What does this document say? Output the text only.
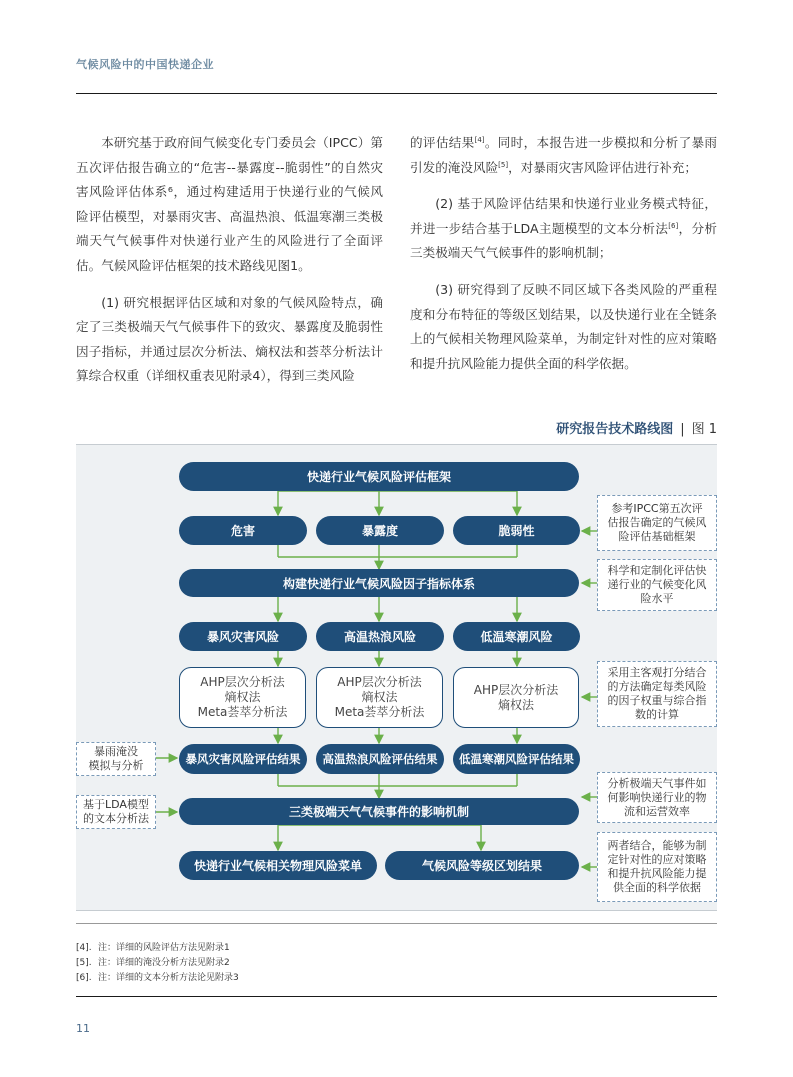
气候风险中的中国快递企业

本研究基于政府间气候变化专门委员会（IPCC）第五次评估报告确立的“危害--暴露度--脆弱性”的自然灾害风险评估体系⁶，通过构建适用于快递行业的气候风险评估模型，对暴雨灾害、高温热浪、低温寒潮三类极端天气气候事件对快递行业产生的风险进行了全面评估。气候风险评估框架的技术路线见图1。

(1) 研究根据评估区域和对象的气候风险特点，确定了三类极端天气气候事件下的致灾、暴露度及脆弱性因子指标，并通过层次分析法、熵权法和荟萃分析法计算综合权重（详细权重表见附录4），得到三类风险

的评估结果[4]。同时，本报告进一步模拟和分析了暴雨引发的淹没风险[5]，对暴雨灾害风险评估进行补充；

(2) 基于风险评估结果和快递行业业务模式特征，并进一步结合基于LDA主题模型的文本分析法[6]，分析三类极端天气气候事件的影响机制；

(3) 研究得到了反映不同区域下各类风险的严重程度和分布特征的等级区划结果，以及快递行业在全链条上的气候相关物理风险菜单，为制定针对性的应对策略和提升抗风险能力提供全面的科学依据。

研究报告技术路线图 | 图 1
快递行业气候风险评估框架
危害	暴露度	脆弱性
构建快递行业气候风险因子指标体系
暴风灾害风险	高温热浪风险	低温寒潮风险
AHP层次分析法
熵权法
Meta荟萃分析法
AHP层次分析法
熵权法
Meta荟萃分析法
AHP层次分析法
熵权法
暴风灾害风险评估结果	高温热浪风险评估结果	低温寒潮风险评估结果
三类极端天气气候事件的影响机制
快递行业气候相关物理风险菜单	气候风险等级区划结果
暴雨淹没
模拟与分析
基于LDA模型
的文本分析法
参考IPCC第五次评
估报告确定的气候风
险评估基础框架
科学和定制化评估快
递行业的气候变化风
险水平
采用主客观打分结合
的方法确定每类风险
的因子权重与综合指
数的计算
分析极端天气事件如
何影响快递行业的物
流和运营效率
两者结合，能够为制
定针对性的应对策略
和提升抗风险能力提
供全面的科学依据
[4]. 注：详细的风险评估方法见附录1
[5]. 注：详细的淹没分析方法见附录2
[6]. 注：详细的文本分析方法论见附录3
11
